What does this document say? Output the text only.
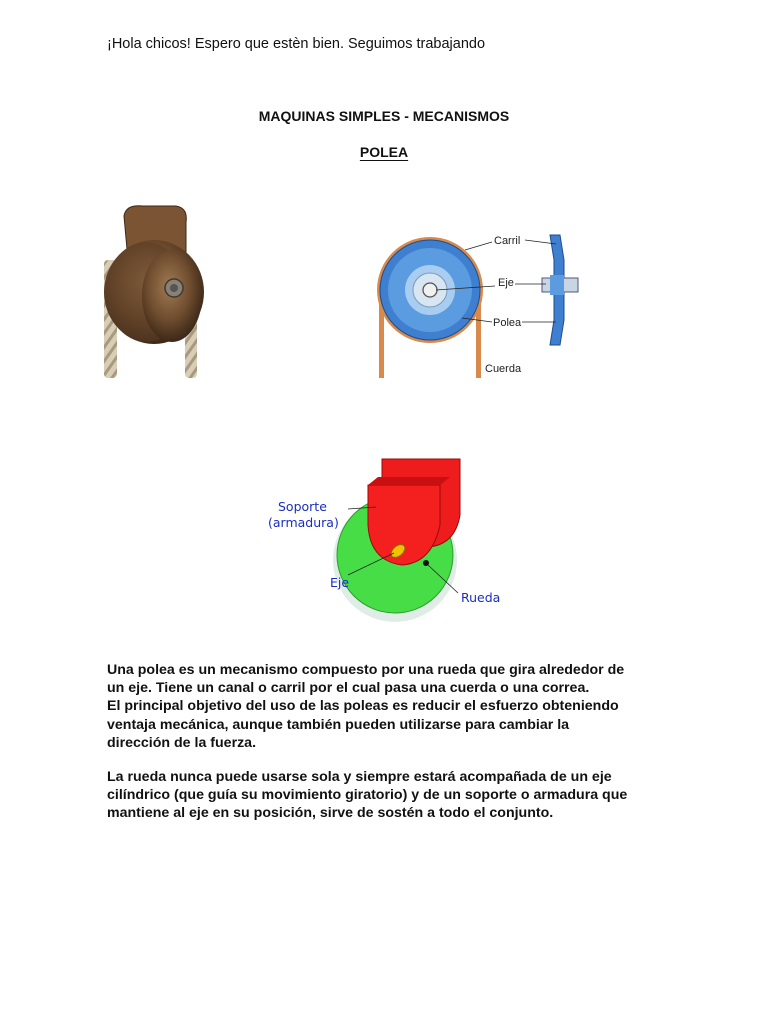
¡Hola chicos! Espero que estèn bien. Seguimos trabajando
MAQUINAS SIMPLES - MECANISMOS
POLEA
Carril
Eje
Polea
Cuerda
Soporte
(armadura)
Eje
Rueda

Una polea es un mecanismo compuesto por una rueda que gira alrededor de

un eje. Tiene un canal o carril por el cual pasa una cuerda o una correa.

El principal objetivo del uso de las poleas es reducir el esfuerzo obteniendo

ventaja mecánica, aunque también pueden utilizarse para cambiar la

dirección de la fuerza.

La rueda nunca puede usarse sola y siempre estará acompañada de un eje

cilíndrico (que guía su movimiento giratorio) y de un soporte o armadura que

mantiene al eje en su posición, sirve de sostén a todo el conjunto.
